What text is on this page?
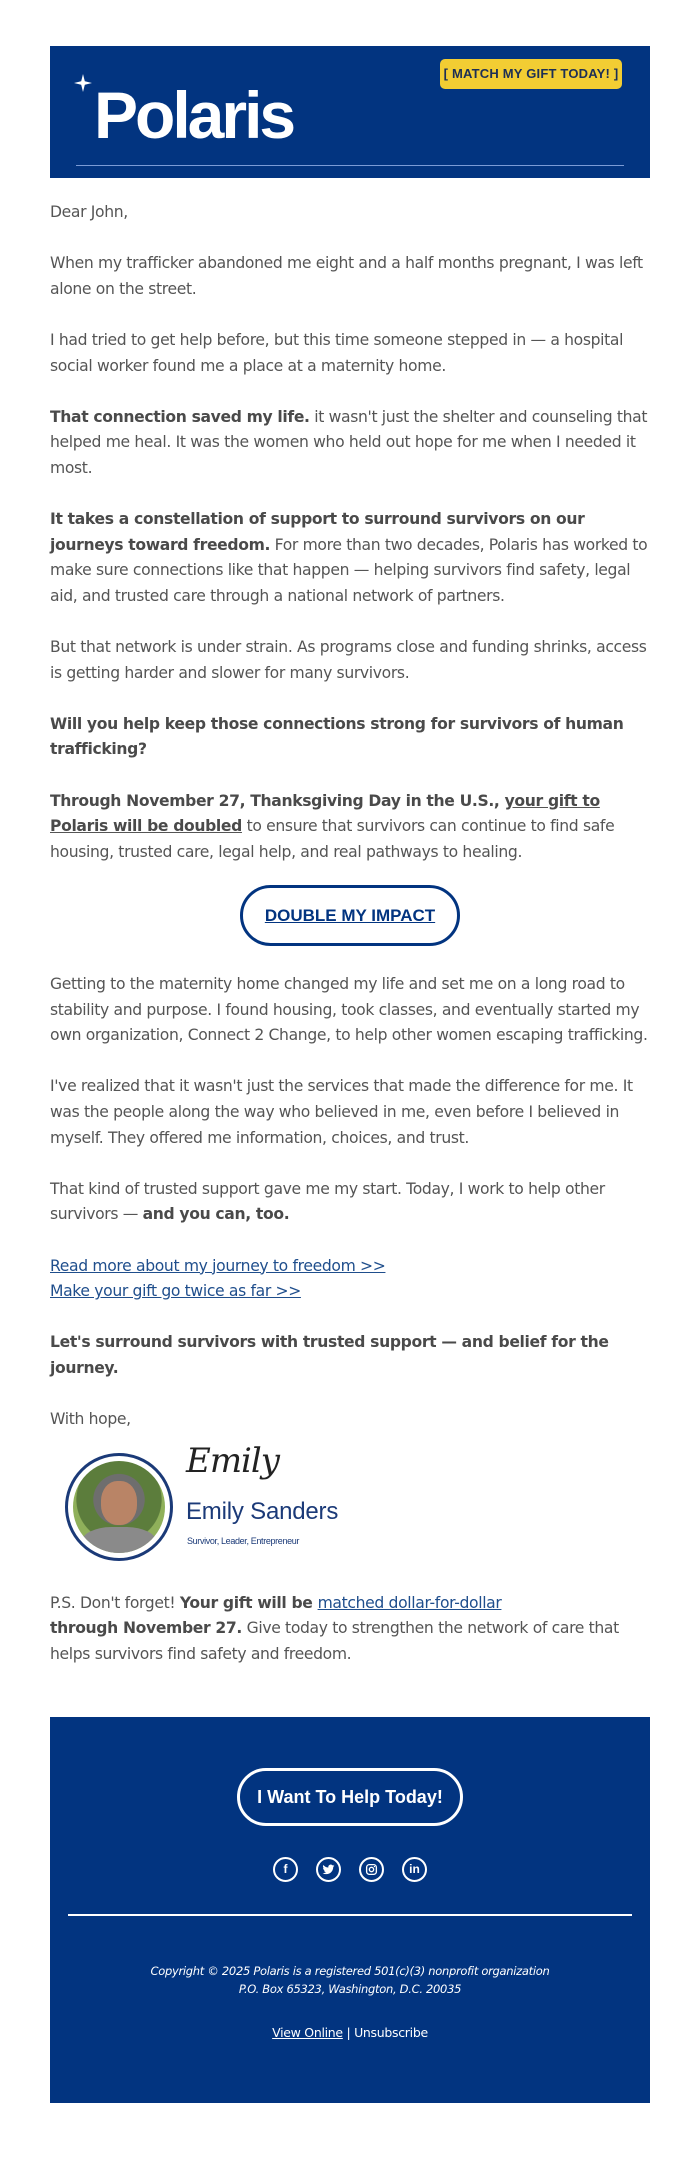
Polaris
[ MATCH MY GIFT TODAY! ]

Dear John,

When my trafficker abandoned me eight and a half months pregnant, I was left alone on the street.

I had tried to get help before, but this time someone stepped in — a hospital social worker found me a place at a maternity home.

That connection saved my life. it wasn't just the shelter and counseling that helped me heal. It was the women who held out hope for me when I needed it most.

It takes a constellation of support to surround survivors on our journeys toward freedom. For more than two decades, Polaris has worked to make sure connections like that happen — helping survivors find safety, legal aid, and trusted care through a national network of partners.

But that network is under strain. As programs close and funding shrinks, access is getting harder and slower for many survivors.

Will you help keep those connections strong for survivors of human trafficking?

Through November 27, Thanksgiving Day in the U.S., your gift to Polaris will be doubled to ensure that survivors can continue to find safe housing, trusted care, legal help, and real pathways to healing.

DOUBLE MY IMPACT

Getting to the maternity home changed my life and set me on a long road to stability and purpose. I found housing, took classes, and eventually started my own organization, Connect 2 Change, to help other women escaping trafficking.

I've realized that it wasn't just the services that made the difference for me. It was the people along the way who believed in me, even before I believed in myself. They offered me information, choices, and trust.

That kind of trusted support gave me my start. Today, I work to help other survivors — and you can, too.

Read more about my journey to freedom >>
Make your gift go twice as far >>

Let's surround survivors with trusted support — and belief for the journey.

With hope,

Emily
Emily Sanders
Survivor, Leader, Entrepreneur

P.S. Don't forget! Your gift will be matched dollar-for-dollar
through November 27. Give today to strengthen the network of care that helps survivors find safety and freedom.

I Want To Help Today!
f	in
Copyright © 2025 Polaris is a registered 501(c)(3) nonprofit organization
P.O. Box 65323, Washington, D.C. 20035
View Online | Unsubscribe
